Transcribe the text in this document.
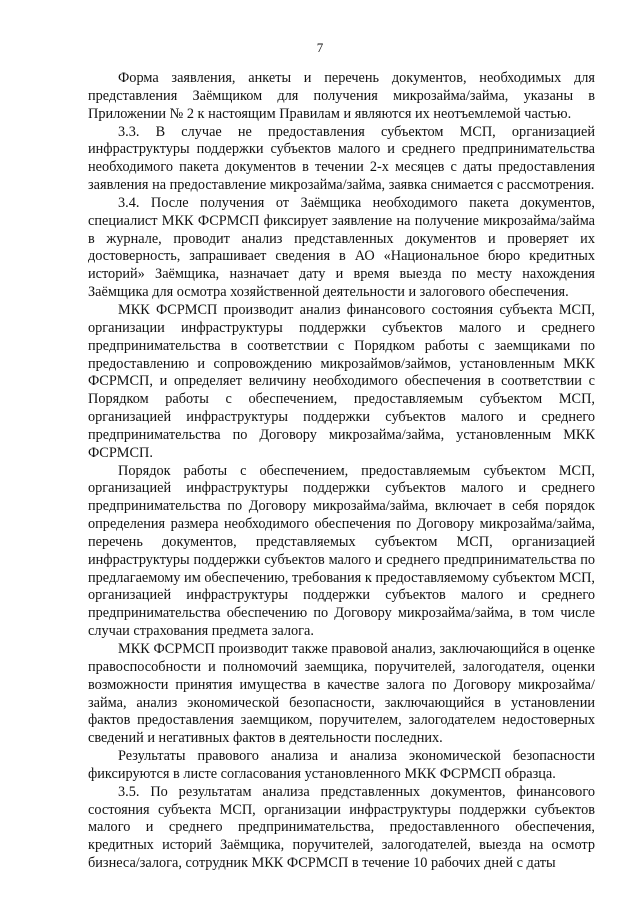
7

Форма заявления, анкеты и перечень документов, необходимых для представления Заёмщиком для получения микрозайма/займа, указаны в Приложении № 2 к настоящим Правилам и являются их неотъемлемой частью.

3.3. В случае не предоставления субъектом МСП, организацией инфраструктуры поддержки субъектов малого и среднего предпринимательства необходимого пакета документов в течении 2-х месяцев с даты предоставления заявления на предоставление микрозайма/займа, заявка снимается с рассмотрения.

3.4. После получения от Заёмщика необходимого пакета документов, специалист МКК ФСРМСП фиксирует заявление на получение микрозайма/займа в журнале, проводит анализ представленных документов и проверяет их достоверность, запрашивает сведения в АО «Национальное бюро кредитных историй» Заёмщика, назначает дату и время выезда по месту нахождения Заёмщика для осмотра хозяйственной деятельности и залогового обеспечения.

МКК ФСРМСП производит анализ финансового состояния субъекта МСП, организации инфраструктуры поддержки субъектов малого и среднего предпринимательства в соответствии с Порядком работы с заемщиками по предоставлению и сопровождению микрозаймов/займов, установленным МКК ФСРМСП, и определяет величину необходимого обеспечения в соответствии с Порядком работы с обеспечением, предоставляемым субъектом МСП, организацией инфраструктуры поддержки субъектов малого и среднего предпринимательства по Договору микрозайма/займа, установленным МКК ФСРМСП.

Порядок работы с обеспечением, предоставляемым субъектом МСП, организацией инфраструктуры поддержки субъектов малого и среднего предпринимательства по Договору микрозайма/займа, включает в себя порядок определения размера необходимого обеспечения по Договору микрозайма/займа, перечень документов, представляемых субъектом МСП, организацией инфраструктуры поддержки субъектов малого и среднего предпринимательства по предлагаемому им обеспечению, требования к предоставляемому субъектом МСП, организацией инфраструктуры поддержки субъектов малого и среднего предпринимательства обеспечению по Договору микрозайма/займа, в том числе случаи страхования предмета залога.

МКК ФСРМСП производит также правовой анализ, заключающийся в оценке правоспособности и полномочий заемщика, поручителей, залогодателя, оценки возможности принятия имущества в качестве залога по Договору микрозайма/займа, анализ экономической безопасности, заключающийся в установлении фактов предоставления заемщиком, поручителем, залогодателем недостоверных сведений и негативных фактов в деятельности последних.

Результаты правового анализа и анализа экономической безопасности фиксируются в листе согласования установленного МКК ФСРМСП образца.

3.5. По результатам анализа представленных документов, финансового состояния субъекта МСП, организации инфраструктуры поддержки субъектов малого и среднего предпринимательства, предоставленного обеспечения, кредитных историй Заёмщика, поручителей, залогодателей, выезда на осмотр бизнеса/залога, сотрудник МКК ФСРМСП в течение 10 рабочих дней с даты
